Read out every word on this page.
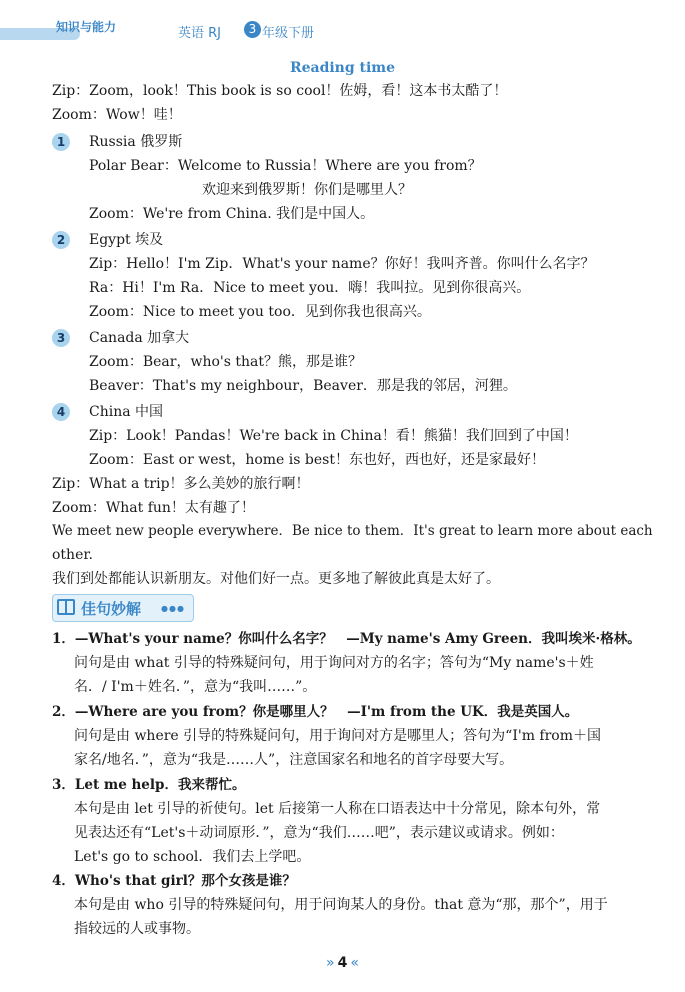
知识与能力	英语 RJ	3 年级下册
Reading time
Zip：Zoom，look！This book is so cool！佐姆，看！这本书太酷了！
Zoom：Wow！哇！
1	Russia 俄罗斯
Polar Bear：Welcome to Russia！Where are you from？
欢迎来到俄罗斯！你们是哪里人？
Zoom：We're from China. 我们是中国人。
2	Egypt 埃及
Zip：Hello！I'm Zip．What's your name？你好！我叫齐普。你叫什么名字？
Ra：Hi！I'm Ra．Nice to meet you．嗨！我叫拉。见到你很高兴。
Zoom：Nice to meet you too．见到你我也很高兴。
3	Canada 加拿大
Zoom：Bear，who's that？熊，那是谁？
Beaver：That's my neighbour，Beaver．那是我的邻居，河狸。
4	China 中国
Zip：Look！Pandas！We're back in China！看！熊猫！我们回到了中国！
Zoom：East or west，home is best！东也好，西也好，还是家最好！
Zip：What a trip！多么美妙的旅行啊！
Zoom：What fun！太有趣了！
We meet new people everywhere．Be nice to them．It's great to learn more about each
other.
我们到处都能认识新朋友。对他们好一点。更多地了解彼此真是太好了。
佳句妙解	●●●
1．—What's your name？你叫什么名字？　—My name's Amy Green．我叫埃米·格林。
问句是由 what 引导的特殊疑问句，用于询问对方的名字；答句为“My name's＋姓
名．/ I'm＋姓名．”，意为“我叫……”。
2．—Where are you from？你是哪里人？　—I'm from the UK．我是英国人。
问句是由 where 引导的特殊疑问句，用于询问对方是哪里人；答句为“I'm from＋国
家名/地名．”，意为“我是……人”，注意国家名和地名的首字母要大写。
3．Let me help．我来帮忙。
本句是由 let 引导的祈使句。let 后接第一人称在口语表达中十分常见，除本句外，常
见表达还有“Let's＋动词原形．”，意为“我们……吧”，表示建议或请求。例如：
Let's go to school．我们去上学吧。
4．Who's that girl？那个女孩是谁？
本句是由 who 引导的特殊疑问句，用于问询某人的身份。that 意为“那，那个”，用于
指较远的人或事物。
» 4 «
